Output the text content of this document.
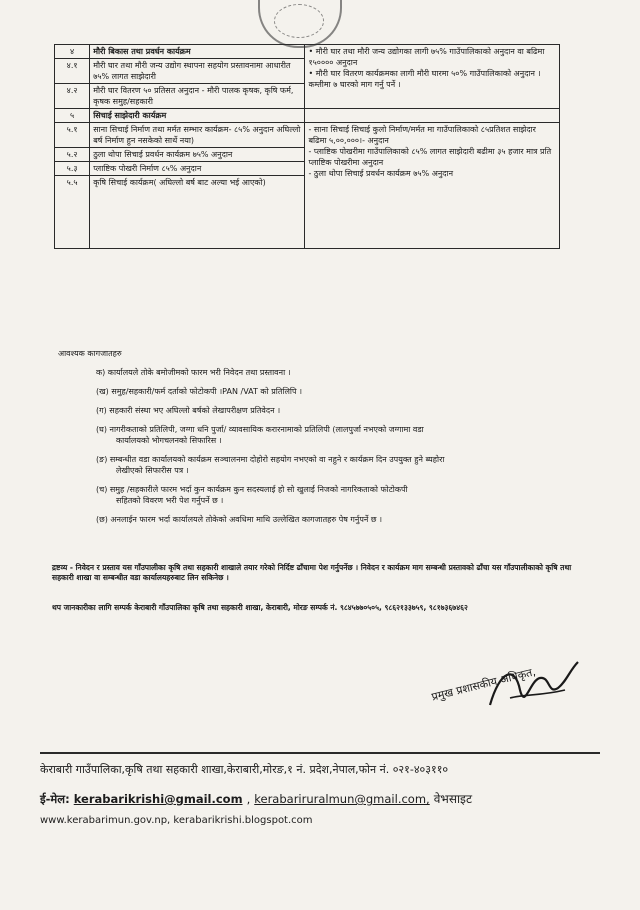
४	मौरी बिकास तथा प्रवर्धन कार्यक्रम	• मौरी घार तथा मौरी जन्य उद्योगका लागी ७५% गाउँपालिकाको अनुदान वा बढिमा १५०००० अनुदान
• मौरी घार वितरण कार्यक्रमका लागी मौरी घारमा ५०% गाउँपालिकाको अनुदान । कम्तीमा ७ घारको माग गर्नु पर्ने ।
४.१	मौरी घार तथा मौरी जन्य उद्योग स्थापना सहयोग प्रस्तावनामा आधारीत ७५% लागत साझेदारी	
४.२	मौरी घार वितरण ५० प्रतिसत अनुदान - मौरी पालक कृषक, कृषि फर्म, कृषक समुह/सहकारी	
५	सिचाई साझेदारी कार्यक्रम	
५.१	साना सिचाई निर्माण तथा मर्मत सम्भार कार्यक्रम- ८५% अनुदान अघिल्लो बर्ष निर्माण हुन नसकेको सार्थे नया)	- साना सिचाई सिचाई कुलो निर्माण/मर्मत मा गाउँपालिकाको ८५प्रतिशत साझेदार बढिमा ५,००,०००।- अनुदान
- प्लाष्टिक पोखरीमा गाउँपालिकाको ८५% लागत साझेदारी बढीमा ३५ हजार मात्र प्रति प्लाष्टिक पोखरीमा अनुदान
- ठुला थोपा सिचाई प्रवर्धन कार्यक्रम ७५% अनुदान
५.२	ठुला थोपा सिचाई प्रवर्धन कार्यक्रम ७५% अनुदान	
५.३	प्लाष्टिक पोखरी निर्माण ८५% अनुदान	
५.५	कृषि सिचाई कार्यक्रम( अघिल्लो बर्ष बाट अल्या भई आएको)	
आवश्यक कागजातहरु
क) कार्यालयले तोके बमोजीमको फारम भरी निवेदन तथा प्रस्तावना ।
(ख) समुह/सहकारी/फर्म दर्ताको फोटोकपी ।PAN /VAT को प्रतिलिपि ।
(ग) सहकारी संस्था भए अघिल्लो बर्षको लेखापरीक्षण प्रतिवेदन ।
(घ) नागरीकताको प्रतिलिपी, जग्गा धनि पुर्जा/ व्यावसायिक करारनामाको प्रतिलिपी (लालपुर्जा नभएको जग्गामा वडा
कार्यालयको भोगचलनको सिफारिस ।
(ङ) सम्बन्धीत वडा कार्यालयको कार्यक्रम सञ्चालनमा दोहोरो सहयोग नभएको वा नहुने र कार्यक्रम दिन उपयुक्त हुने ब्यहोरा
लेखीएको सिफारीस पत्र ।
(च) समुह /सहकारीले फारम भर्दा कुन कार्यक्रम कुन सदस्यलाई हो सो खुलाई निजको नागरिकताको फोटोकपी
सहितको विवरण भरी पेश गर्नुपर्ने छ ।
(छ) अनलाईन फारम भर्दा कार्यालयले तोकेको अवधिमा माथि उल्लेखित कागजातहरु पेष गर्नुपर्ने छ ।
द्रष्टव्य - निवेदन र प्रस्ताव यस गाँउपालीका कृषि तथा सहकारी शाखाले तयार गरेको निर्दिष्ट ढाँचामा पेश गर्नुपर्नेछ । निवेदन र कार्यक्रम माग सम्बन्धी प्रस्तावको ढाँचा यस गाँउपालीकाको कृषि तथा सहकारी शाखा वा सम्बन्धीत वडा कार्यालयहरुबाट लिन सकिनेछ ।
थप जानकारीका लागि सम्पर्क केराबारी गाँउपालिका कृषि तथा सहकारी शाखा, केराबारी, मोरङ सम्पर्क नं. ९८४५७७०५०५, ९८६२१३३७५९, ९८१७३६७४६२
प्रमुख प्रशासकीय अधिकृत,
केराबारी गाउँपालिका,कृषि तथा सहकारी शाखा,केराबारी,मोरङ,१ नं. प्रदेश,नेपाल,फोन नं. ०२१-४०३११०
ई-मेल: kerabarikrishi@gmail.com , kerabariruralmun@gmail.com, वेभसाइट
www.kerabarimun.gov.np, kerabarikrishi.blogspot.com
